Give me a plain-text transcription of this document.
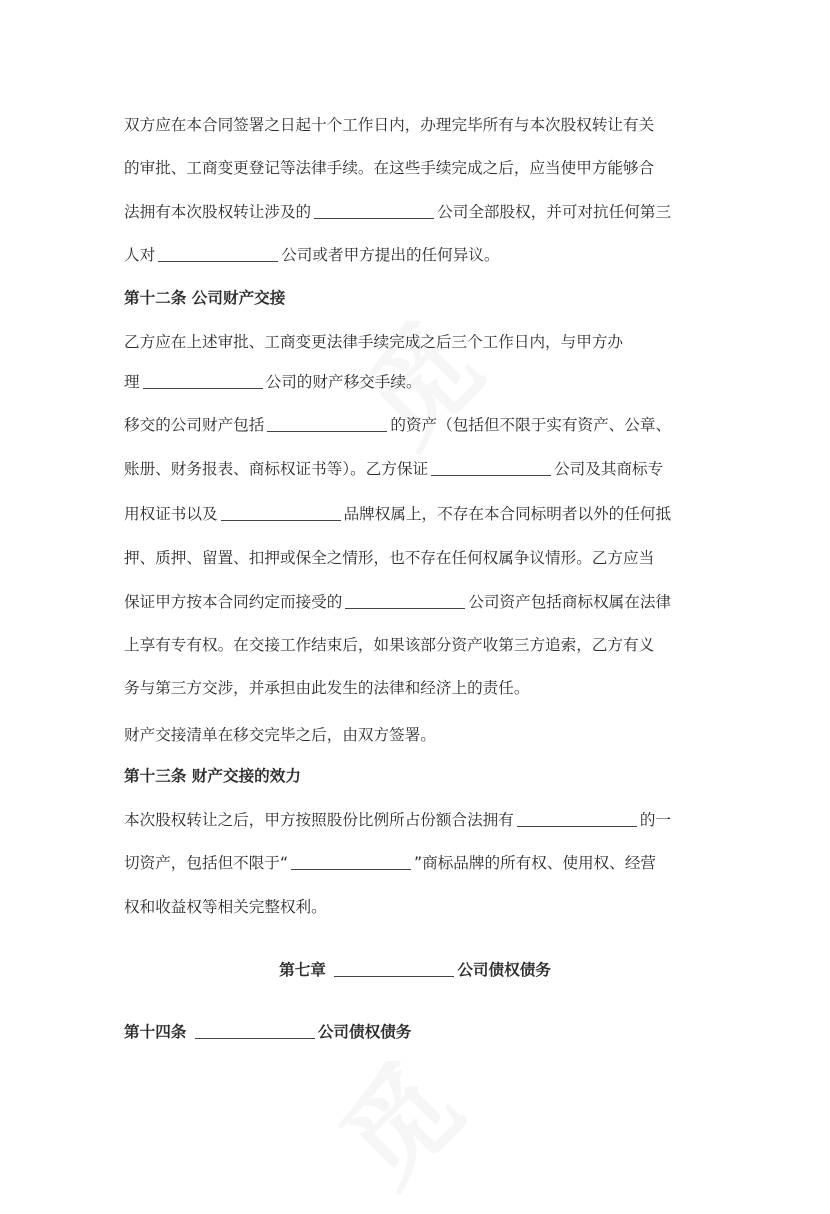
双方应在本合同签署之日起十个工作日内，办理完毕所有与本次股权转让有关
的审批、工商变更登记等法律手续。在这些手续完成之后，应当使甲方能够合
法拥有本次股权转让涉及的	公司全部股权，并可对抗任何第三
人对	公司或者甲方提出的任何异议。
第十二条 公司财产交接
乙方应在上述审批、工商变更法律手续完成之后三个工作日内，与甲方办
理	公司的财产移交手续。
移交的公司财产包括	的资产（包括但不限于实有资产、公章、
账册、财务报表、商标权证书等）。乙方保证	公司及其商标专
用权证书以及	品牌权属上，不存在本合同标明者以外的任何抵
押、质押、留置、扣押或保全之情形，也不存在任何权属争议情形。乙方应当
保证甲方按本合同约定而接受的	公司资产包括商标权属在法律
上享有专有权。在交接工作结束后，如果该部分资产收第三方追索，乙方有义
务与第三方交涉，并承担由此发生的法律和经济上的责任。
财产交接清单在移交完毕之后，由双方签署。
第十三条 财产交接的效力
本次股权转让之后，甲方按照股份比例所占份额合法拥有	的一
切资产，包括但不限于“	”商标品牌的所有权、使用权、经营
权和收益权等相关完整权利。
第七章	公司债权债务
第十四条	公司债权债务
